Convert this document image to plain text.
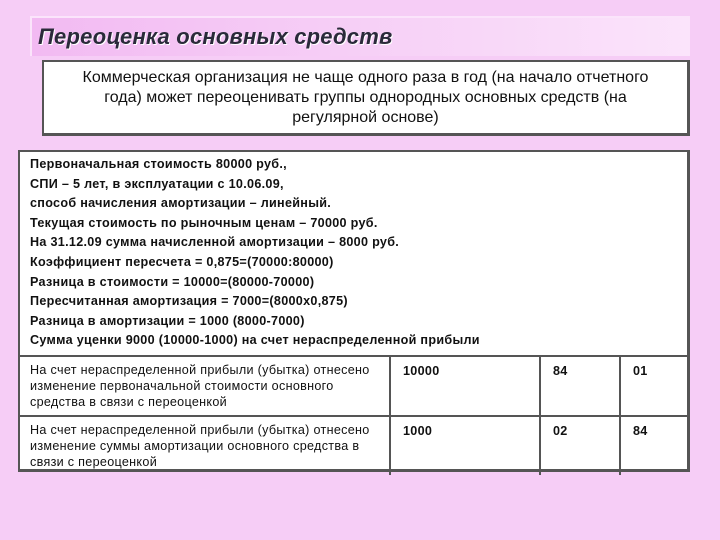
Переоценка основных средств
Коммерческая организация не чаще одного раза в год (на начало отчетного года) может переоценивать группы однородных основных средств (на регулярной основе)
Первоначальная стоимость 80000 руб.,
СПИ – 5 лет, в эксплуатации с 10.06.09,
способ начисления амортизации – линейный.
Текущая стоимость по рыночным ценам – 70000 руб.
На 31.12.09 сумма начисленной амортизации – 8000 руб.
Коэффициент пересчета = 0,875=(70000:80000)
Разница в стоимости = 10000=(80000-70000)
Пересчитанная амортизация = 7000=(8000х0,875)
Разница в амортизации = 1000 (8000-7000)
Сумма уценки 9000 (10000-1000) на счет нераспределенной прибыли
На счет нераспределенной прибыли (убытка) отнесено изменение первоначальной стоимости основного средства в связи с переоценкой	10000	84	01
На счет нераспределенной прибыли (убытка) отнесено изменение суммы амортизации основного средства в связи с переоценкой	1000	02	84
